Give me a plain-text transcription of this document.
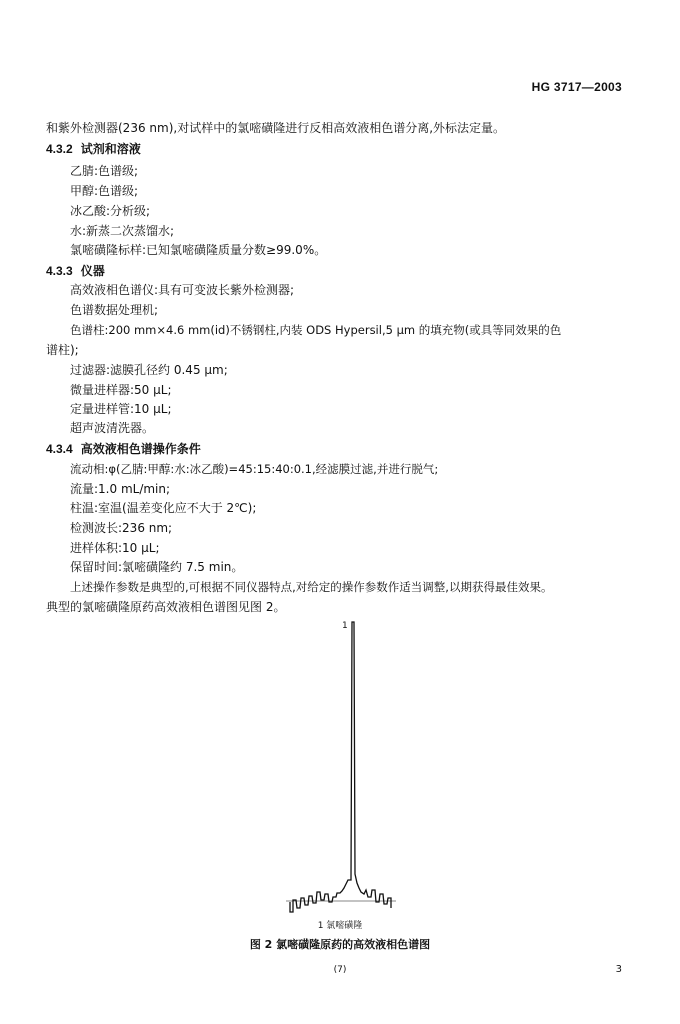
HG 3717—2003
和紫外检测器(236 nm),对试样中的氯嘧磺隆进行反相高效液相色谱分离,外标法定量。
4.3.2 试剂和溶液
乙腈:色谱级;
甲醇:色谱级;
冰乙酸:分析级;
水:新蒸二次蒸馏水;
氯嘧磺隆标样:已知氯嘧磺隆质量分数≥99.0%。
4.3.3 仪器
高效液相色谱仪:具有可变波长紫外检测器;
色谱数据处理机;
色谱柱:200 mm×4.6 mm(id)不锈钢柱,内装 ODS Hypersil,5 μm 的填充物(或具等同效果的色
谱柱);
过滤器:滤膜孔径约 0.45 μm;
微量进样器:50 μL;
定量进样管:10 μL;
超声波清洗器。
4.3.4 高效液相色谱操作条件
流动相:φ(乙腈:甲醇:水:冰乙酸)=45:15:40:0.1,经滤膜过滤,并进行脱气;
流量:1.0 mL/min;
柱温:室温(温差变化应不大于 2℃);
检测波长:236 nm;
进样体积:10 μL;
保留时间:氯嘧磺隆约 7.5 min。
上述操作参数是典型的,可根据不同仪器特点,对给定的操作参数作适当调整,以期获得最佳效果。
典型的氯嘧磺隆原药高效液相色谱图见图 2。
1
1 氯嘧磺隆
图 2 氯嘧磺隆原药的高效液相色谱图
(7)	3
